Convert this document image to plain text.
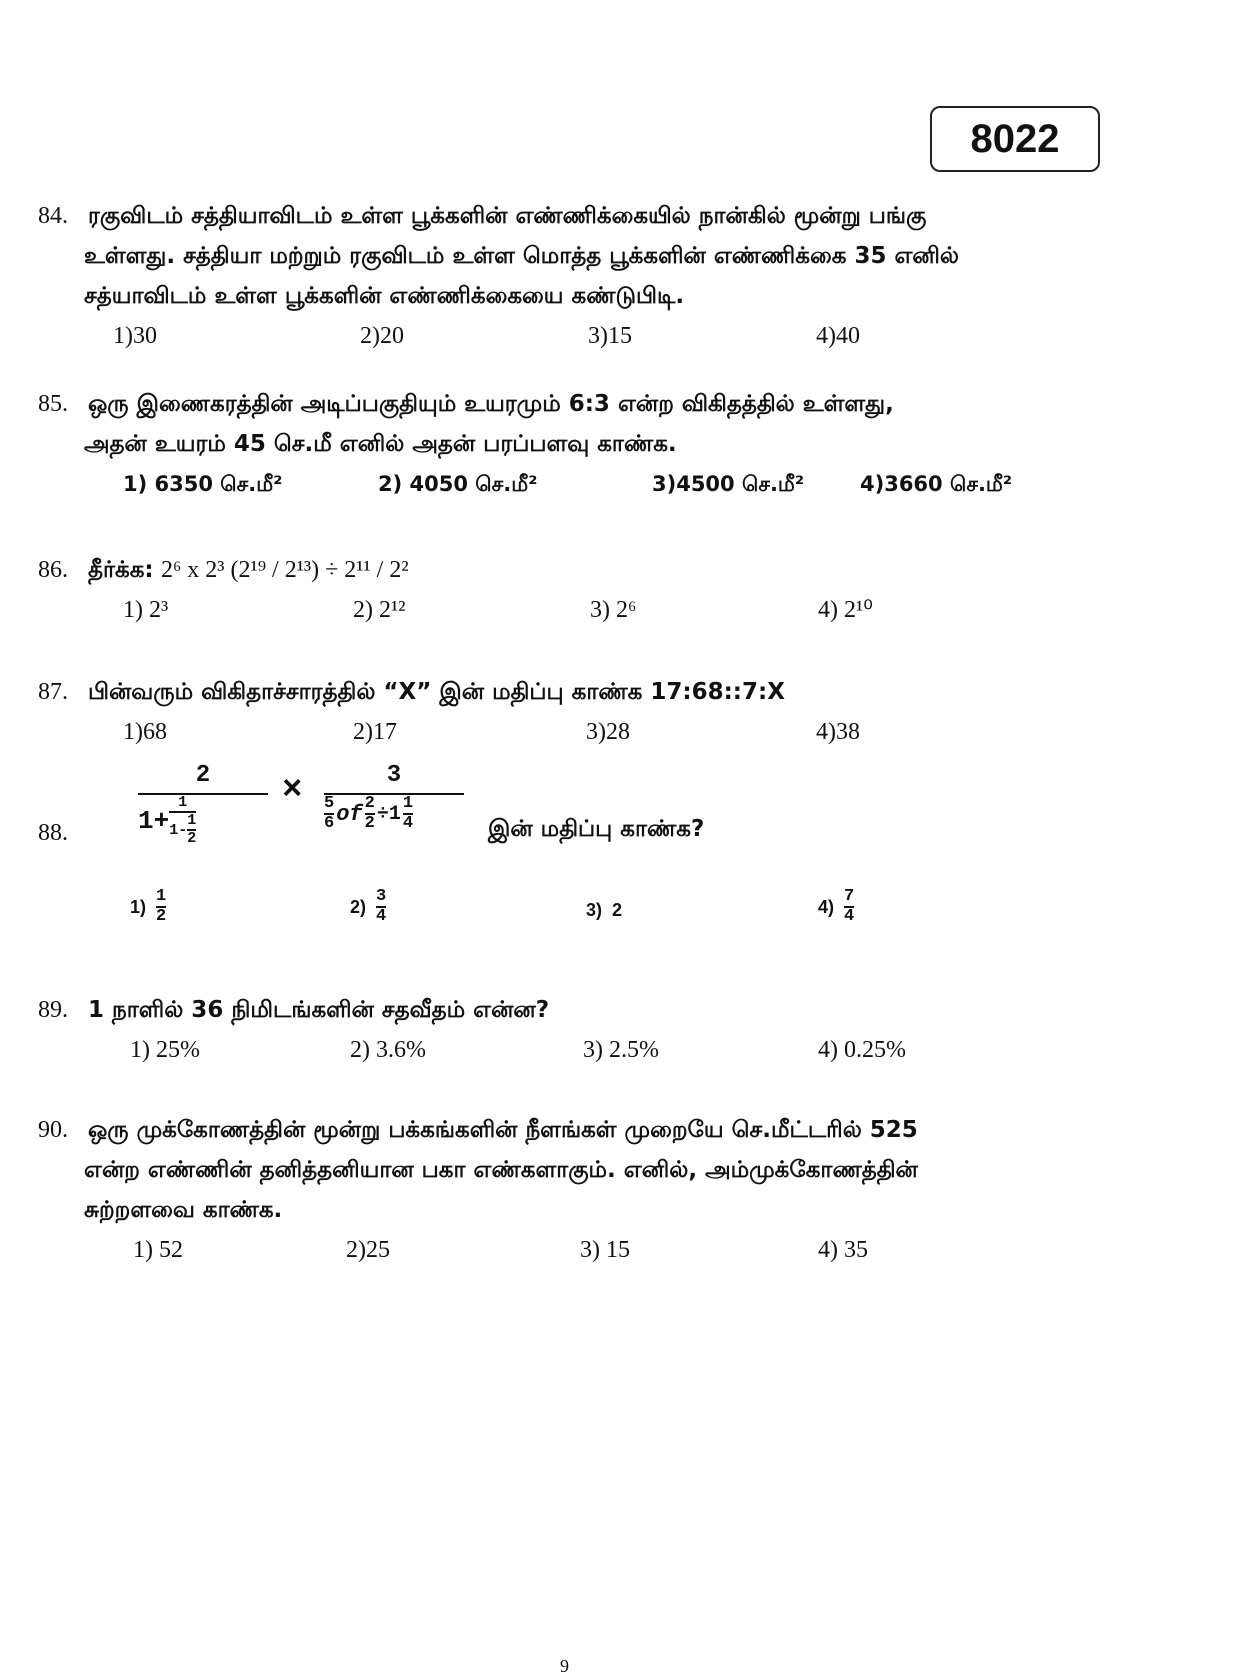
8022
84. ரகுவிடம் சத்தியாவிடம் உள்ள பூக்களின் எண்ணிக்கையில் நான்கில் மூன்று பங்கு
உள்ளது. சத்தியா மற்றும் ரகுவிடம் உள்ள மொத்த பூக்களின் எண்ணிக்கை 35 எனில்
சத்யாவிடம் உள்ள பூக்களின் எண்ணிக்கையை கண்டுபிடி.
1)30	2)20	3)15	4)40
85. ஒரு இணைகரத்தின் அடிப்பகுதியும் உயரமும் 6:3 என்ற விகிதத்தில் உள்ளது,
அதன் உயரம் 45 செ.மீ எனில் அதன் பரப்பளவு காண்க.
1) 6350 செ.மீ²	2) 4050 செ.மீ²	3)4500 செ.மீ²	4)3660 செ.மீ²
86. தீர்க்க: 2⁶ x 2³ (2¹⁹ / 2¹³) ÷ 2¹¹ / 2²
1) 2³	2) 2¹²	3) 2⁶	4) 2¹⁰
87. பின்வரும் விகிதாச்சாரத்தில் “X” இன் மதிப்பு காண்க 17:68::7:X
1)68	2)17	3)28	4)38
88.
2
1+
1
1-
1
2
×	3
$\frac{5}{6}$ of $\frac{2}{2} \div 1 \frac{1}{4}$	இன் மதிப்பு காண்க?
$1) \frac{1}{2}$	$2) \frac{3}{4}$	3) 2	$4) \frac{7}{4}$
89. 1 நாளில் 36 நிமிடங்களின் சதவீதம் என்ன?
1) 25%	2) 3.6%	3) 2.5%	4) 0.25%
90. ஒரு முக்கோணத்தின் மூன்று பக்கங்களின் நீளங்கள் முறையே செ.மீட்டரில் 525
என்ற எண்ணின் தனித்தனியான பகா எண்களாகும். எனில், அம்முக்கோணத்தின்
சுற்றளவை காண்க.
1) 52	2)25	3) 15	4) 35
9
